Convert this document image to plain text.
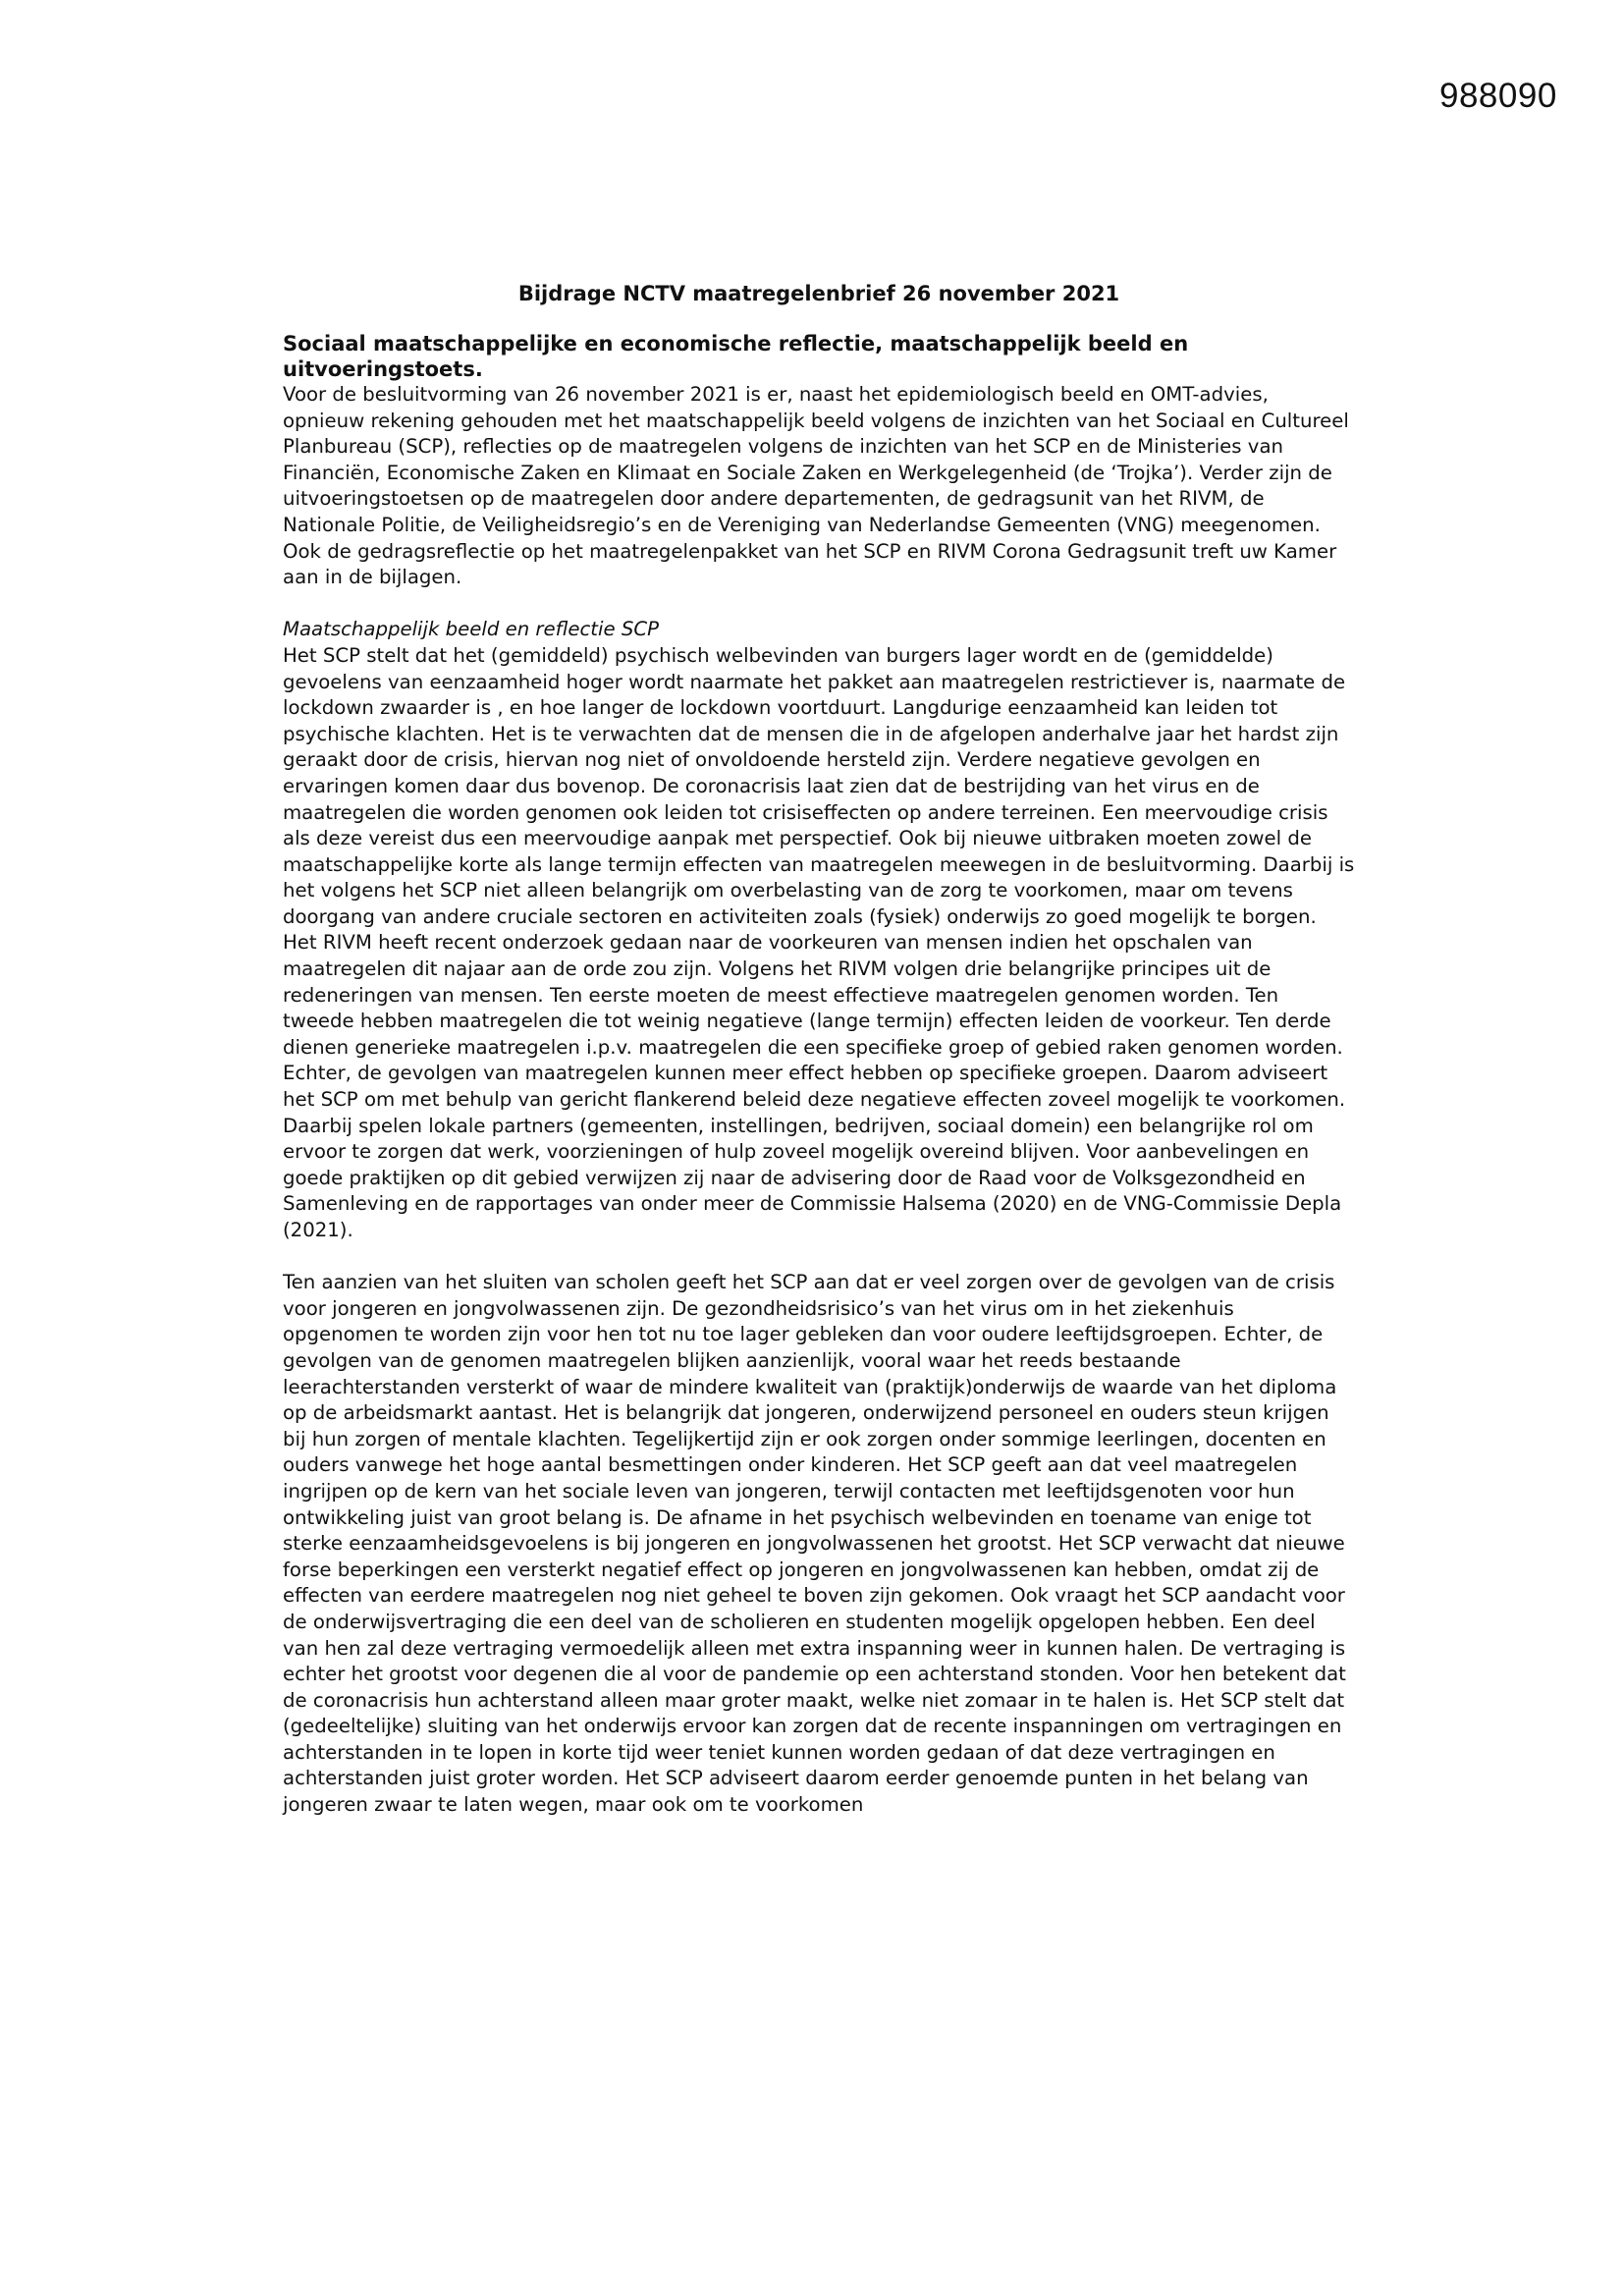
988090
Bijdrage NCTV maatregelenbrief 26 november 2021
Sociaal maatschappelijke en economische reflectie, maatschappelijk beeld en uitvoeringstoets.

Voor de besluitvorming van 26 november 2021 is er, naast het epidemiologisch beeld en OMT-advies, opnieuw rekening gehouden met het maatschappelijk beeld volgens de inzichten van het Sociaal en Cultureel Planbureau (SCP), reflecties op de maatregelen volgens de inzichten van het SCP en de Ministeries van Financiën, Economische Zaken en Klimaat en Sociale Zaken en Werkgelegenheid (de ‘Trojka’). Verder zijn de uitvoeringstoetsen op de maatregelen door andere departementen, de gedragsunit van het RIVM, de Nationale Politie, de Veiligheidsregio’s en de Vereniging van Nederlandse Gemeenten (VNG) meegenomen. Ook de gedragsreflectie op het maatregelenpakket van het SCP en RIVM Corona Gedragsunit treft uw Kamer aan in de bijlagen.

Maatschappelijk beeld en reflectie SCP

Het SCP stelt dat het (gemiddeld) psychisch welbevinden van burgers lager wordt en de (gemiddelde) gevoelens van eenzaamheid hoger wordt naarmate het pakket aan maatregelen restrictiever is, naarmate de lockdown zwaarder is , en hoe langer de lockdown voortduurt. Langdurige eenzaamheid kan leiden tot psychische klachten. Het is te verwachten dat de mensen die in de afgelopen anderhalve jaar het hardst zijn geraakt door de crisis, hiervan nog niet of onvoldoende hersteld zijn. Verdere negatieve gevolgen en ervaringen komen daar dus bovenop. De coronacrisis laat zien dat de bestrijding van het virus en de maatregelen die worden genomen ook leiden tot crisiseffecten op andere terreinen. Een meervoudige crisis als deze vereist dus een meervoudige aanpak met perspectief. Ook bij nieuwe uitbraken moeten zowel de maatschappelijke korte als lange termijn effecten van maatregelen meewegen in de besluitvorming. Daarbij is het volgens het SCP niet alleen belangrijk om overbelasting van de zorg te voorkomen, maar om tevens doorgang van andere cruciale sectoren en activiteiten zoals (fysiek) onderwijs zo goed mogelijk te borgen. Het RIVM heeft recent onderzoek gedaan naar de voorkeuren van mensen indien het opschalen van maatregelen dit najaar aan de orde zou zijn. Volgens het RIVM volgen drie belangrijke principes uit de redeneringen van mensen. Ten eerste moeten de meest effectieve maatregelen genomen worden. Ten tweede hebben maatregelen die tot weinig negatieve (lange termijn) effecten leiden de voorkeur. Ten derde dienen generieke maatregelen i.p.v. maatregelen die een specifieke groep of gebied raken genomen worden. Echter, de gevolgen van maatregelen kunnen meer effect hebben op specifieke groepen. Daarom adviseert het SCP om met behulp van gericht flankerend beleid deze negatieve effecten zoveel mogelijk te voorkomen. Daarbij spelen lokale partners (gemeenten, instellingen, bedrijven, sociaal domein) een belangrijke rol om ervoor te zorgen dat werk, voorzieningen of hulp zoveel mogelijk overeind blijven. Voor aanbevelingen en goede praktijken op dit gebied verwijzen zij naar de advisering door de Raad voor de Volksgezondheid en Samenleving en de rapportages van onder meer de Commissie Halsema (2020) en de VNG-Commissie Depla (2021).

Ten aanzien van het sluiten van scholen geeft het SCP aan dat er veel zorgen over de gevolgen van de crisis voor jongeren en jongvolwassenen zijn. De gezondheidsrisico’s van het virus om in het ziekenhuis opgenomen te worden zijn voor hen tot nu toe lager gebleken dan voor oudere leeftijdsgroepen. Echter, de gevolgen van de genomen maatregelen blijken aanzienlijk, vooral waar het reeds bestaande leerachterstanden versterkt of waar de mindere kwaliteit van (praktijk)onderwijs de waarde van het diploma op de arbeidsmarkt aantast. Het is belangrijk dat jongeren, onderwijzend personeel en ouders steun krijgen bij hun zorgen of mentale klachten. Tegelijkertijd zijn er ook zorgen onder sommige leerlingen, docenten en ouders vanwege het hoge aantal besmettingen onder kinderen. Het SCP geeft aan dat veel maatregelen ingrijpen op de kern van het sociale leven van jongeren, terwijl contacten met leeftijdsgenoten voor hun ontwikkeling juist van groot belang is. De afname in het psychisch welbevinden en toename van enige tot sterke eenzaamheidsgevoelens is bij jongeren en jongvolwassenen het grootst. Het SCP verwacht dat nieuwe forse beperkingen een versterkt negatief effect op jongeren en jongvolwassenen kan hebben, omdat zij de effecten van eerdere maatregelen nog niet geheel te boven zijn gekomen. Ook vraagt het SCP aandacht voor de onderwijsvertraging die een deel van de scholieren en studenten mogelijk opgelopen hebben. Een deel van hen zal deze vertraging vermoedelijk alleen met extra inspanning weer in kunnen halen. De vertraging is echter het grootst voor degenen die al voor de pandemie op een achterstand stonden. Voor hen betekent dat de coronacrisis hun achterstand alleen maar groter maakt, welke niet zomaar in te halen is. Het SCP stelt dat (gedeeltelijke) sluiting van het onderwijs ervoor kan zorgen dat de recente inspanningen om vertragingen en achterstanden in te lopen in korte tijd weer teniet kunnen worden gedaan of dat deze vertragingen en achterstanden juist groter worden. Het SCP adviseert daarom eerder genoemde punten in het belang van jongeren zwaar te laten wegen, maar ook om te voorkomen
